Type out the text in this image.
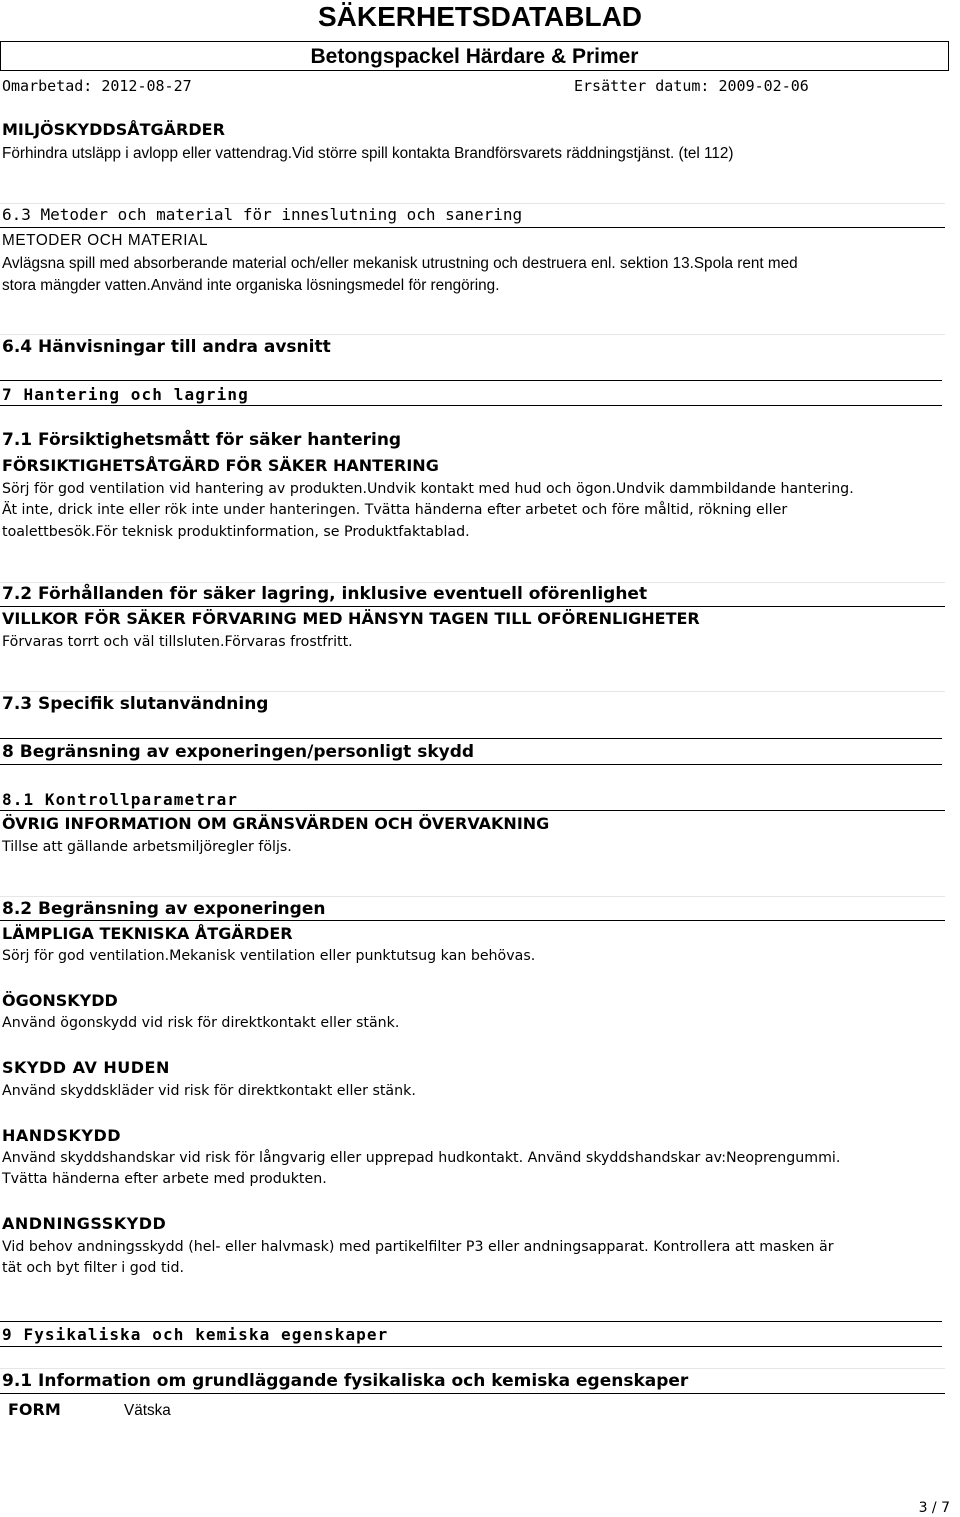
SÄKERHETSDATABLAD
Betongspackel Härdare & Primer
Omarbetad: 2012-08-27	Ersätter datum: 2009-02-06
MILJÖSKYDDSÅTGÄRDER
Förhindra utsläpp i avlopp eller vattendrag.Vid större spill kontakta Brandförsvarets räddningstjänst. (tel 112)
6.3 Metoder och material för inneslutning och sanering
METODER OCH MATERIAL
Avlägsna spill med absorberande material och/eller mekanisk utrustning och destruera enl. sektion 13.Spola rent med
stora mängder vatten.Använd inte organiska lösningsmedel för rengöring.
6.4 Hänvisningar till andra avsnitt
7 Hantering och lagring
7.1 Försiktighetsmått för säker hantering
FÖRSIKTIGHETSÅTGÄRD FÖR SÄKER HANTERING
Sörj för god ventilation vid hantering av produkten.Undvik kontakt med hud och ögon.Undvik dammbildande hantering.
Ät inte, drick inte eller rök inte under hanteringen. Tvätta händerna efter arbetet och före måltid, rökning eller
toalettbesök.För teknisk produktinformation, se Produktfaktablad.
7.2 Förhållanden för säker lagring, inklusive eventuell oförenlighet
VILLKOR FÖR SÄKER FÖRVARING MED HÄNSYN TAGEN TILL OFÖRENLIGHETER
Förvaras torrt och väl tillsluten.Förvaras frostfritt.
7.3 Specifik slutanvändning
8 Begränsning av exponeringen/personligt skydd
8.1 Kontrollparametrar
ÖVRIG INFORMATION OM GRÄNSVÄRDEN OCH ÖVERVAKNING
Tillse att gällande arbetsmiljöregler följs.
8.2 Begränsning av exponeringen
LÄMPLIGA TEKNISKA ÅTGÄRDER
Sörj för god ventilation.Mekanisk ventilation eller punktutsug kan behövas.
ÖGONSKYDD
Använd ögonskydd vid risk för direktkontakt eller stänk.
SKYDD AV HUDEN
Använd skyddskläder vid risk för direktkontakt eller stänk.
HANDSKYDD
Använd skyddshandskar vid risk för långvarig eller upprepad hudkontakt. Använd skyddshandskar av:Neoprengummi.
Tvätta händerna efter arbete med produkten.
ANDNINGSSKYDD
Vid behov andningsskydd (hel- eller halvmask) med partikelfilter P3 eller andningsapparat. Kontrollera att masken är
tät och byt filter i god tid.
9 Fysikaliska och kemiska egenskaper
9.1 Information om grundläggande fysikaliska och kemiska egenskaper
FORM	Vätska
3 / 7
